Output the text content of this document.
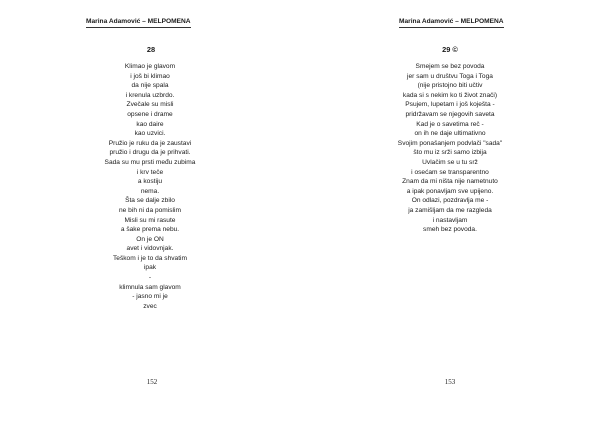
Marina Adamović – MELPOMENA
28
Klimao je glavom
i još bi klimao
da nije spala
i krenula uzbrdo.
Zvečale su misli
opsene i drame
kao daire
kao uzvici.
Pružio je ruku da je zaustavi
pružio i drugu da je prihvati.
Sada su mu prsti među zubima
i krv teče
a kostiju
nema.
Šta se dalje zbilo
ne bih ni da pomislim
Misli su mi rasute
a šake prema nebu.
On je ON
avet i vidovnjak.
Teškom i je to da shvatim
ipak
-
klimnula sam glavom
- jasno mi je
zvec
152
Marina Adamović – MELPOMENA
29 ©
Smejem se bez povoda
jer sam u društvu Toga i Toga
(nije pristojno biti učtiv
kada si s nekim ko ti život znači)
Psujem, lupetam i još koješta -
pridržavam se njegovih saveta
Kad je o savetima reč -
on ih ne daje ultimativno
Svojim ponašanjem podvlači "sada"
što mu iz srži samo izbija
Uvlačim se u tu srž
i osećam se transparentno
Znam da mi ništa nije nametnuto
a ipak ponavljam sve upijeno.
On odlazi, pozdravlja me -
ja zamišljam da me razgleda
i nastavljam
smeh bez povoda.
153
